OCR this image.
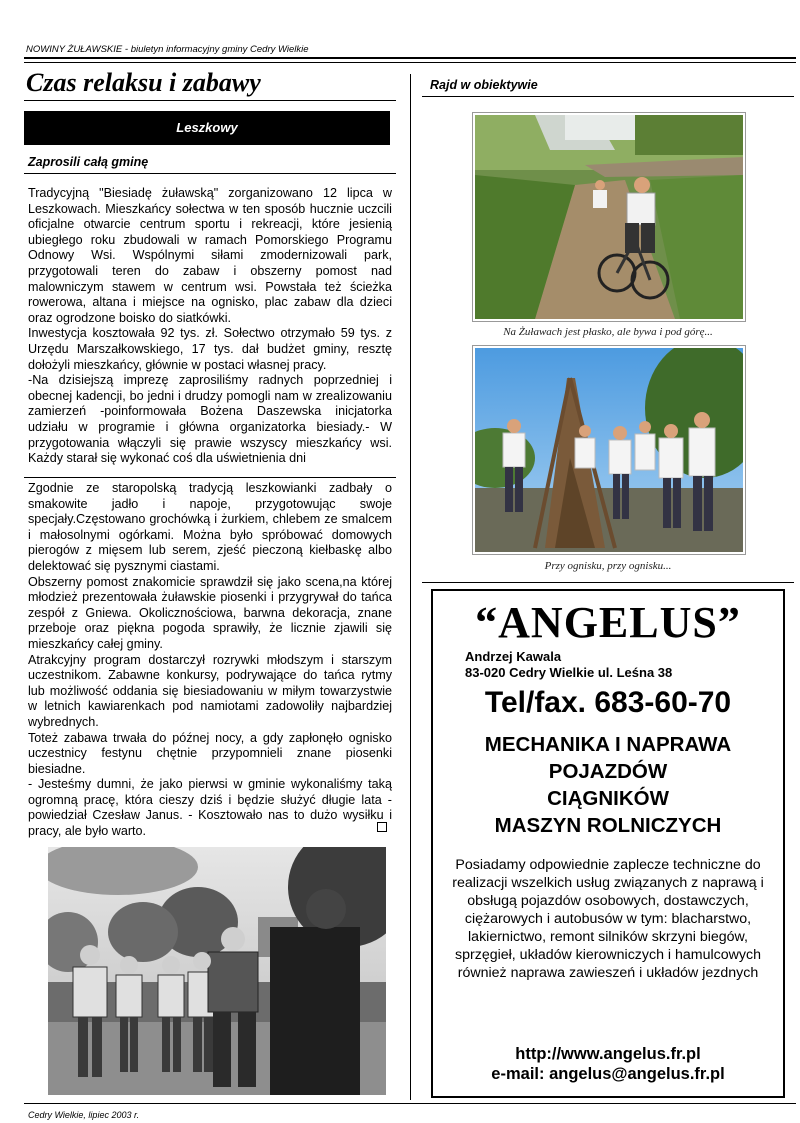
NOWINY ŻUŁAWSKIE - biuletyn informacyjny gminy Cedry Wielkie
Czas relaksu i zabawy
Leszkowy
Zaprosili całą gminę

Tradycyjną "Biesiadę żuławską" zorganizowano 12 lipca w Leszkowach. Mieszkańcy sołectwa w ten sposób hucznie uczcili oficjalne otwarcie centrum sportu i rekreacji, które jesienią ubiegłego roku zbudowali w ramach Pomorskiego Programu Odnowy Wsi. Wspólnymi siłami zmodernizowali park, przygotowali teren do zabaw i obszerny pomost nad malowniczym stawem w centrum wsi. Powstała też ścieżka rowerowa, altana i miejsce na ognisko, plac zabaw dla dzieci oraz ogrodzone boisko do siatkówki.

Inwestycja kosztowała 92 tys. zł. Sołectwo otrzymało 59 tys. z Urzędu Marszałkowskiego, 17 tys. dał budżet gminy, resztę dołożyli mieszkańcy, głównie w postaci własnej pracy.

-Na dzisiejszą imprezę zaprosiliśmy radnych poprzedniej i obecnej kadencji, bo jedni i drudzy pomogli nam w zrealizowaniu zamierzeń -poinformowała Bożena Daszewska inicjatorka udziału w programie i główna organizatorka biesiady.- W przygotowania włączyli się prawie wszyscy mieszkańcy wsi. Każdy starał się wykonać coś dla uświetnienia dni

Zgodnie ze staropolską tradycją leszkowianki zadbały o smakowite jadło i napoje, przygotowując swoje specjały.Częstowano grochówką i żurkiem, chlebem ze smalcem i małosolnymi ogórkami. Można było spróbować domowych pierogów z mięsem lub serem, zjeść pieczoną kiełbaskę albo delektować się pysznymi ciastami.

Obszerny pomost znakomicie sprawdził się jako scena,na której młodzież prezentowała żuławskie piosenki i przygrywał do tańca zespół z Gniewa. Okolicznościowa, barwna dekoracja, znane przeboje oraz piękna pogoda sprawiły, że licznie zjawili się mieszkańcy całej gminy.

Atrakcyjny program dostarczył rozrywki młodszym i starszym uczestnikom. Zabawne konkursy, podrywające do tańca rytmy lub możliwość oddania się biesiadowaniu w miłym towarzystwie w letnich kawiarenkach pod namiotami zadowoliły najbardziej wybrednych.

Toteż zabawa trwała do późnej nocy, a gdy zapłonęło ognisko uczestnicy festynu chętnie przypomnieli znane piosenki biesiadne.

- Jesteśmy dumni, że jako pierwsi w gminie wykonaliśmy taką ogromną pracę, która cieszy dziś i będzie służyć długie lata - powiedział Czesław Janus. - Kosztowało nas to dużo wysiłku i pracy, ale było warto.

Rajd w obiektywie
Na Żuławach jest płasko, ale bywa i pod górę...
Przy ognisku, przy ognisku...
“ANGELUS”
Andrzej Kawala
83-020 Cedry Wielkie ul. Leśna 38
Tel/fax. 683-60-70
MECHANIKA I NAPRAWA
POJAZDÓW
CIĄGNIKÓW
MASZYN ROLNICZYCH
Posiadamy odpowiednie zaplecze techniczne do realizacji wszelkich usług związanych z naprawą i obsługą pojazdów osobowych, dostawczych, ciężarowych i autobusów w tym: blacharstwo, lakiernictwo, remont silników skrzyni biegów, sprzęgieł, układów kierowniczych i hamulcowych również naprawa zawieszeń i układów jezdnych
http://www.angelus.fr.pl
e-mail: angelus@angelus.fr.pl
Cedry Wielkie, lipiec 2003 r.
